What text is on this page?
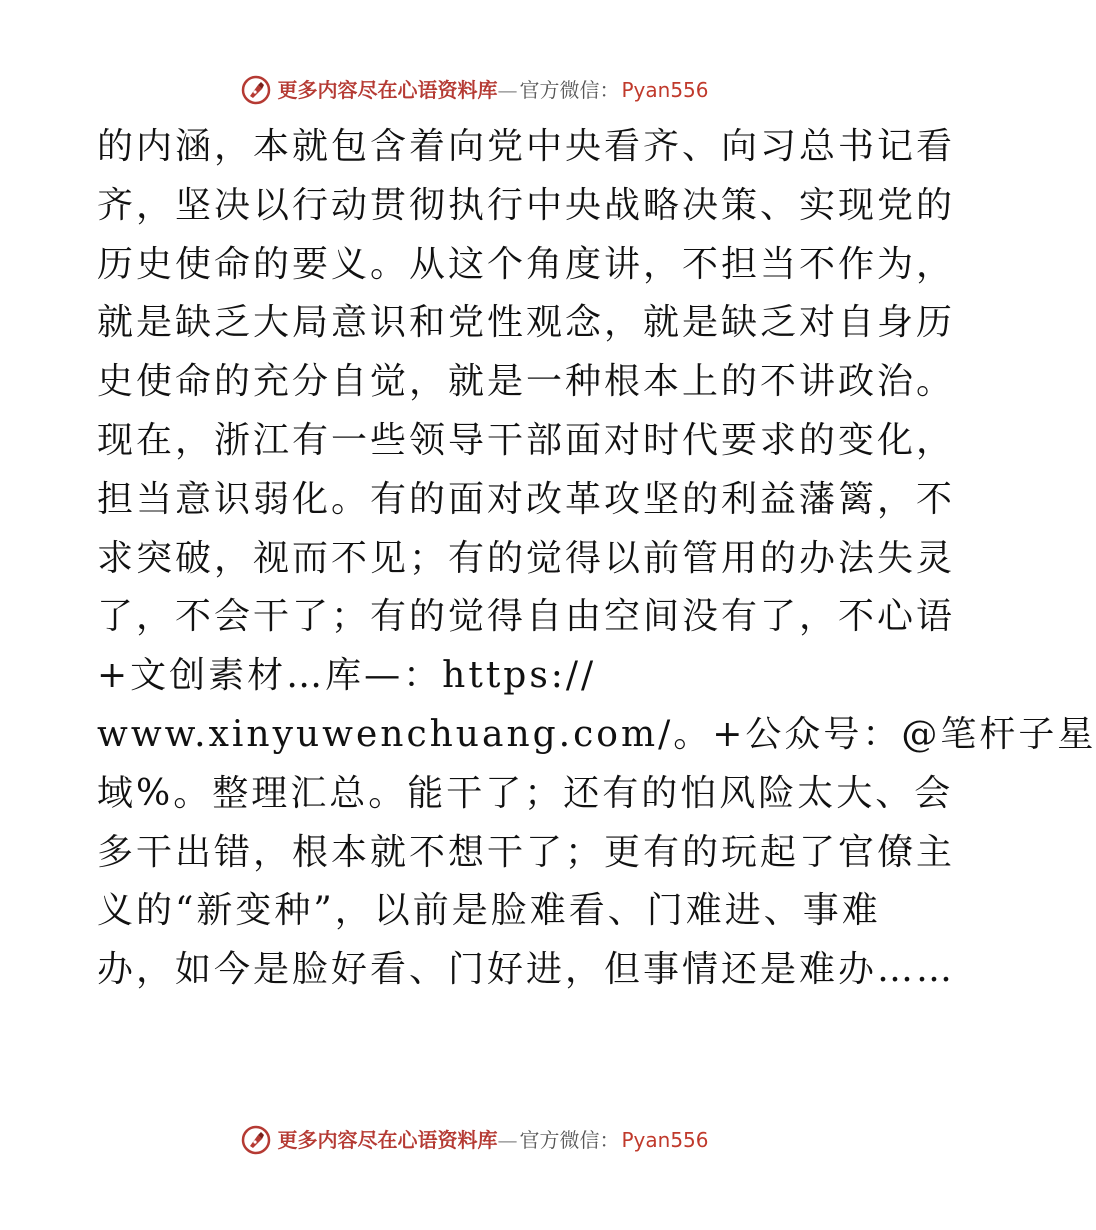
更多内容尽在心语资料库 — 官方微信： Pyan556
的内涵，本就包含着向党中央看齐、向习总书记看
齐，坚决以行动贯彻执行中央战略决策、实现党的
历史使命的要义。从这个角度讲，不担当不作为，
就是缺乏大局意识和党性观念，就是缺乏对自身历
史使命的充分自觉，就是一种根本上的不讲政治。
现在，浙江有一些领导干部面对时代要求的变化，
担当意识弱化。有的面对改革攻坚的利益藩篱，不
求突破，视而不见；有的觉得以前管用的办法失灵
了，不会干了；有的觉得自由空间没有了，不心语
+文创素材…库—：https://
www.xinyuwenchuang.com/。+公众号：@笔杆子星
域%。整理汇总。能干了；还有的怕风险太大、会
多干出错，根本就不想干了；更有的玩起了官僚主
义的“新变种”，以前是脸难看、门难进、事难
办，如今是脸好看、门好进，但事情还是难办……
更多内容尽在心语资料库 — 官方微信： Pyan556
